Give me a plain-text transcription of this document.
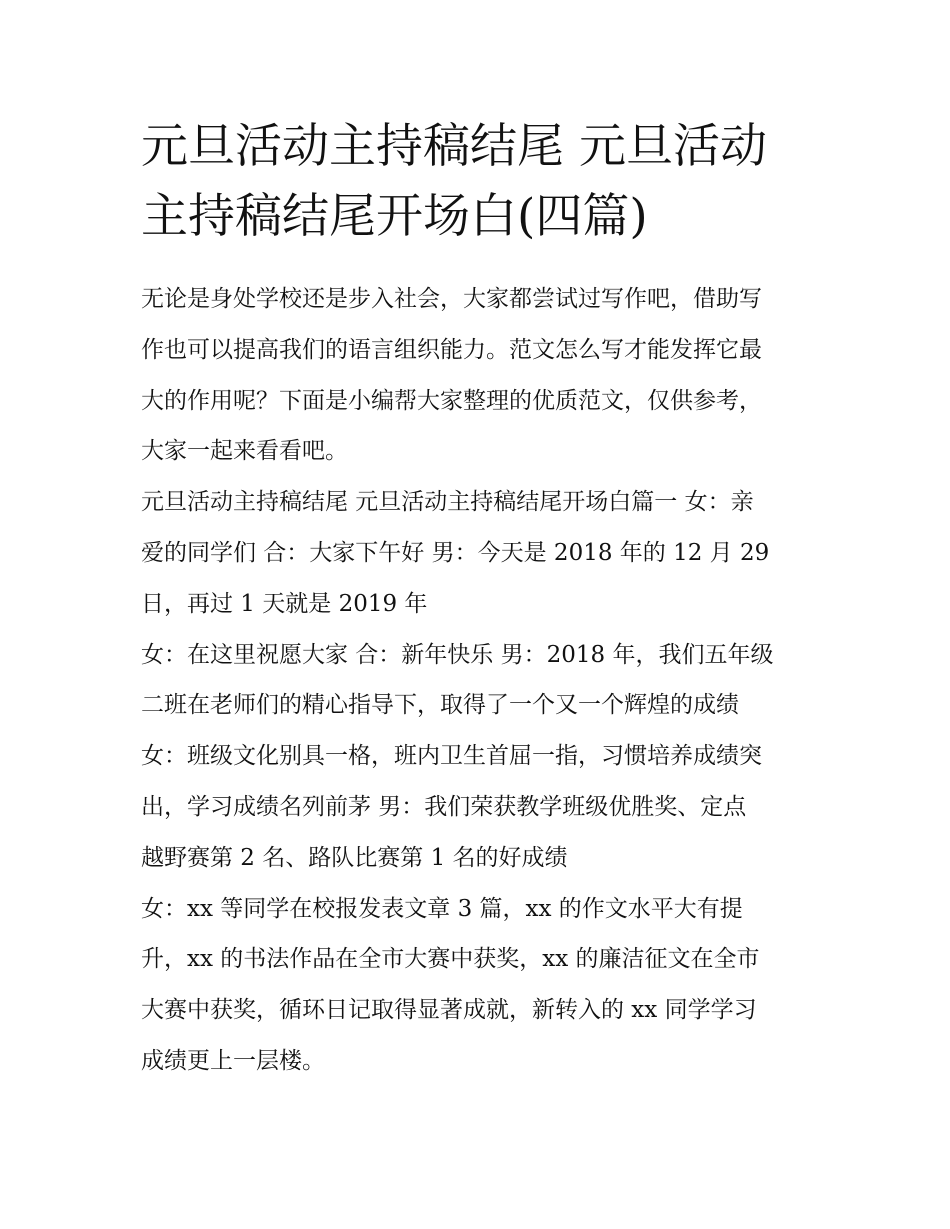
元旦活动主持稿结尾 元旦活动
主持稿结尾开场白(四篇)

无论是身处学校还是步入社会，大家都尝试过写作吧，借助写
作也可以提高我们的语言组织能力。范文怎么写才能发挥它最
大的作用呢？下面是小编帮大家整理的优质范文，仅供参考，
大家一起来看看吧。

元旦活动主持稿结尾 元旦活动主持稿结尾开场白篇一 女：亲
爱的同学们 合：大家下午好 男：今天是 2018 年的 12 月 29
日，再过 1 天就是 2019 年

女：在这里祝愿大家 合：新年快乐 男：2018 年，我们五年级
二班在老师们的精心指导下，取得了一个又一个辉煌的成绩

女：班级文化别具一格，班内卫生首屈一指，习惯培养成绩突
出，学习成绩名列前茅 男：我们荣获教学班级优胜奖、定点
越野赛第 2 名、路队比赛第 1 名的好成绩

女：xx 等同学在校报发表文章 3 篇，xx 的作文水平大有提
升，xx 的书法作品在全市大赛中获奖，xx 的廉洁征文在全市
大赛中获奖，循环日记取得显著成就，新转入的 xx 同学学习
成绩更上一层楼。
